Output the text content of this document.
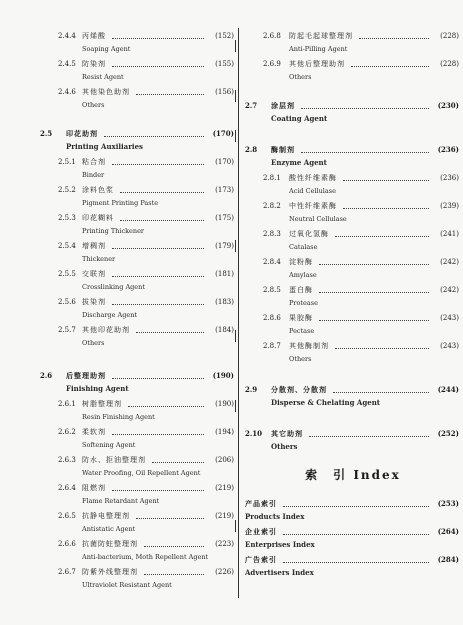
2.4.4 丙烯酸	(152)
Soaping Agent
2.4.5 防染剂	(155)
Resist Agent
2.4.6 其他染色助剂	(156)
Others
2.5 印花助剂	(170)
Printing Auxiliaries
2.5.1 粘合剂	(170)
Binder
2.5.2 涂料色浆	(173)
Pigment Printing Paste
2.5.3 印花糊料	(175)
Printing Thickener
2.5.4 增稠剂	(179)
Thickener
2.5.5 交联剂	(181)
Crosslinking Agent
2.5.6 拔染剂	(183)
Discharge Agent
2.5.7 其他印花助剂	(184)
Others
2.6 后整理助剂	(190)
Finishing Agent
2.6.1 树脂整理剂	(190)
Resin Finishing Agent
2.6.2 柔软剂	(194)
Softening Agent
2.6.3 防水、拒油整理剂	(206)
Water Proofing, Oil Repellent Agent
2.6.4 阻燃剂	(219)
Flame Retardant Agent
2.6.5 抗静电整理剂	(219)
Antistatic Agent
2.6.6 抗菌防蛀整理剂	(223)
Anti-bacterium, Moth Repellent Agent
2.6.7 防紫外线整理剂	(226)
Ultraviolet Resistant Agent
索　引 Index
2.6.8 防起毛起球整理剂	(228)
Anti-Pilling Agent
2.6.9 其他后整理助剂	(228)
Others
2.7 涂层剂	(230)
Coating Agent
2.8 酶制剂	(236)
Enzyme Agent
2.8.1 酸性纤维素酶	(236)
Acid Cellulase
2.8.2 中性纤维素酶	(239)
Neutral Cellulase
2.8.3 过氧化氢酶	(241)
Catalase
2.8.4 淀粉酶	(242)
Amylase
2.8.5 蛋白酶	(242)
Protease
2.8.6 果胶酶	(243)
Pectase
2.8.7 其他酶制剂	(243)
Others
2.9 分散剂、分散剂	(244)
Disperse & Chelating Agent
2.10 其它助剂	(252)
Others
产品索引	(253)
Products Index
企业索引	(264)
Enterprises Index
广告索引	(284)
Advertisers Index
